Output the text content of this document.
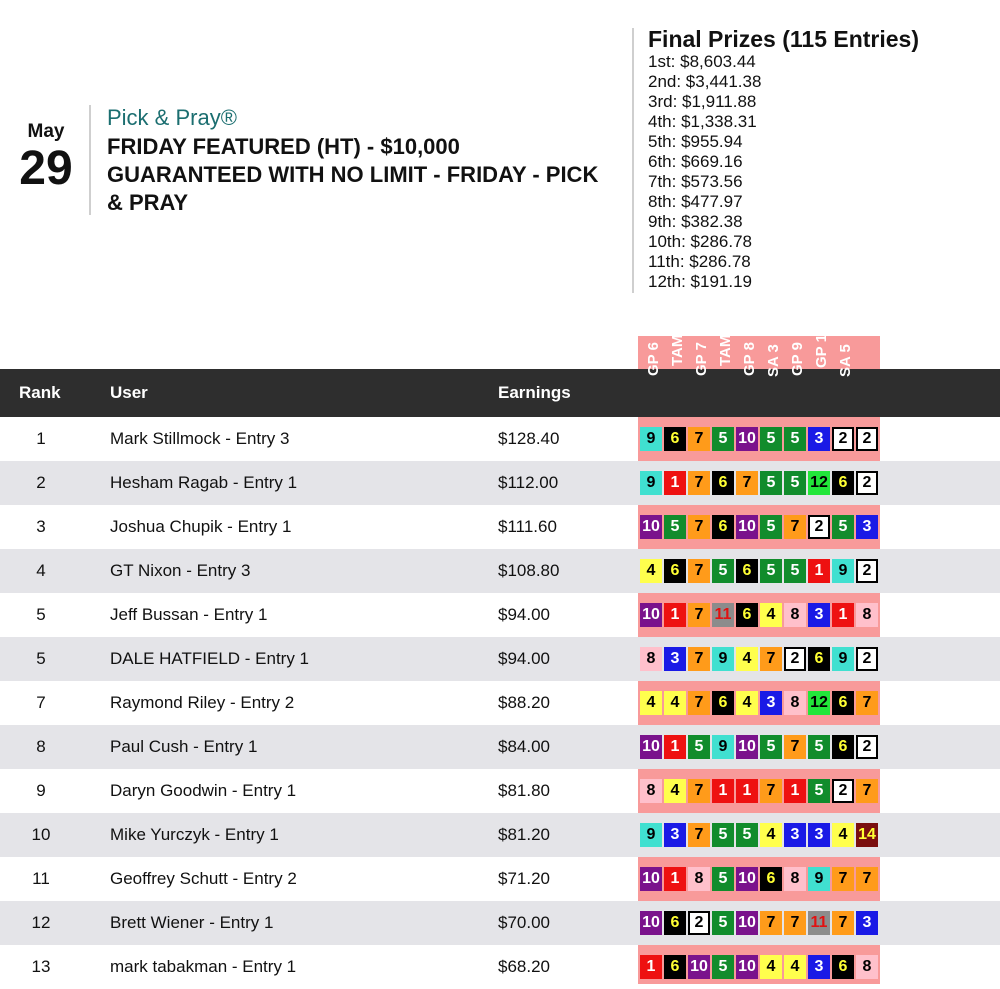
May
29
Pick & Pray®
FRIDAY FEATURED (HT) - $10,000 GUARANTEED WITH NO LIMIT - FRIDAY - PICK & PRAY
Final Prizes (115 Entries)
1st: $8,603.44
2nd: $3,441.38
3rd: $1,911.88
4th: $1,338.31
5th: $955.94
6th: $669.16
7th: $573.56
8th: $477.97
9th: $382.38
10th: $286.78
11th: $286.78
12th: $191.19
Rank	User	Earnings
TAM 6 GP 6 TAM 7 GP 7 TAM 8 GP 8 SA 3 GP 9 GP 10 SA 5
1	Mark Stillmock - Entry 3	$128.40	9 6 7 5 10 5 5 3 2 2
2	Hesham Ragab - Entry 1	$112.00	9 1 7 6 7 5 5 12 6 2
3	Joshua Chupik - Entry 1	$111.60	10 5 7 6 10 5 7 2 5 3
4	GT Nixon - Entry 3	$108.80	4 6 7 5 6 5 5 1 9 2
5	Jeff Bussan - Entry 1	$94.00	10 1 7 11 6 4 8 3 1 8
5	DALE HATFIELD - Entry 1	$94.00	8 3 7 9 4 7 2 6 9 2
7	Raymond Riley - Entry 2	$88.20	4 4 7 6 4 3 8 12 6 7
8	Paul Cush - Entry 1	$84.00	10 1 5 9 10 5 7 5 6 2
9	Daryn Goodwin - Entry 1	$81.80	8 4 7 1 1 7 1 5 2 7
10	Mike Yurczyk - Entry 1	$81.20	9 3 7 5 5 4 3 3 4 14
11	Geoffrey Schutt - Entry 2	$71.20	10 1 8 5 10 6 8 9 7 7
12	Brett Wiener - Entry 1	$70.00	10 6 2 5 10 7 7 11 7 3
13	mark tabakman - Entry 1	$68.20	1 6 10 5 10 4 4 3 6 8
